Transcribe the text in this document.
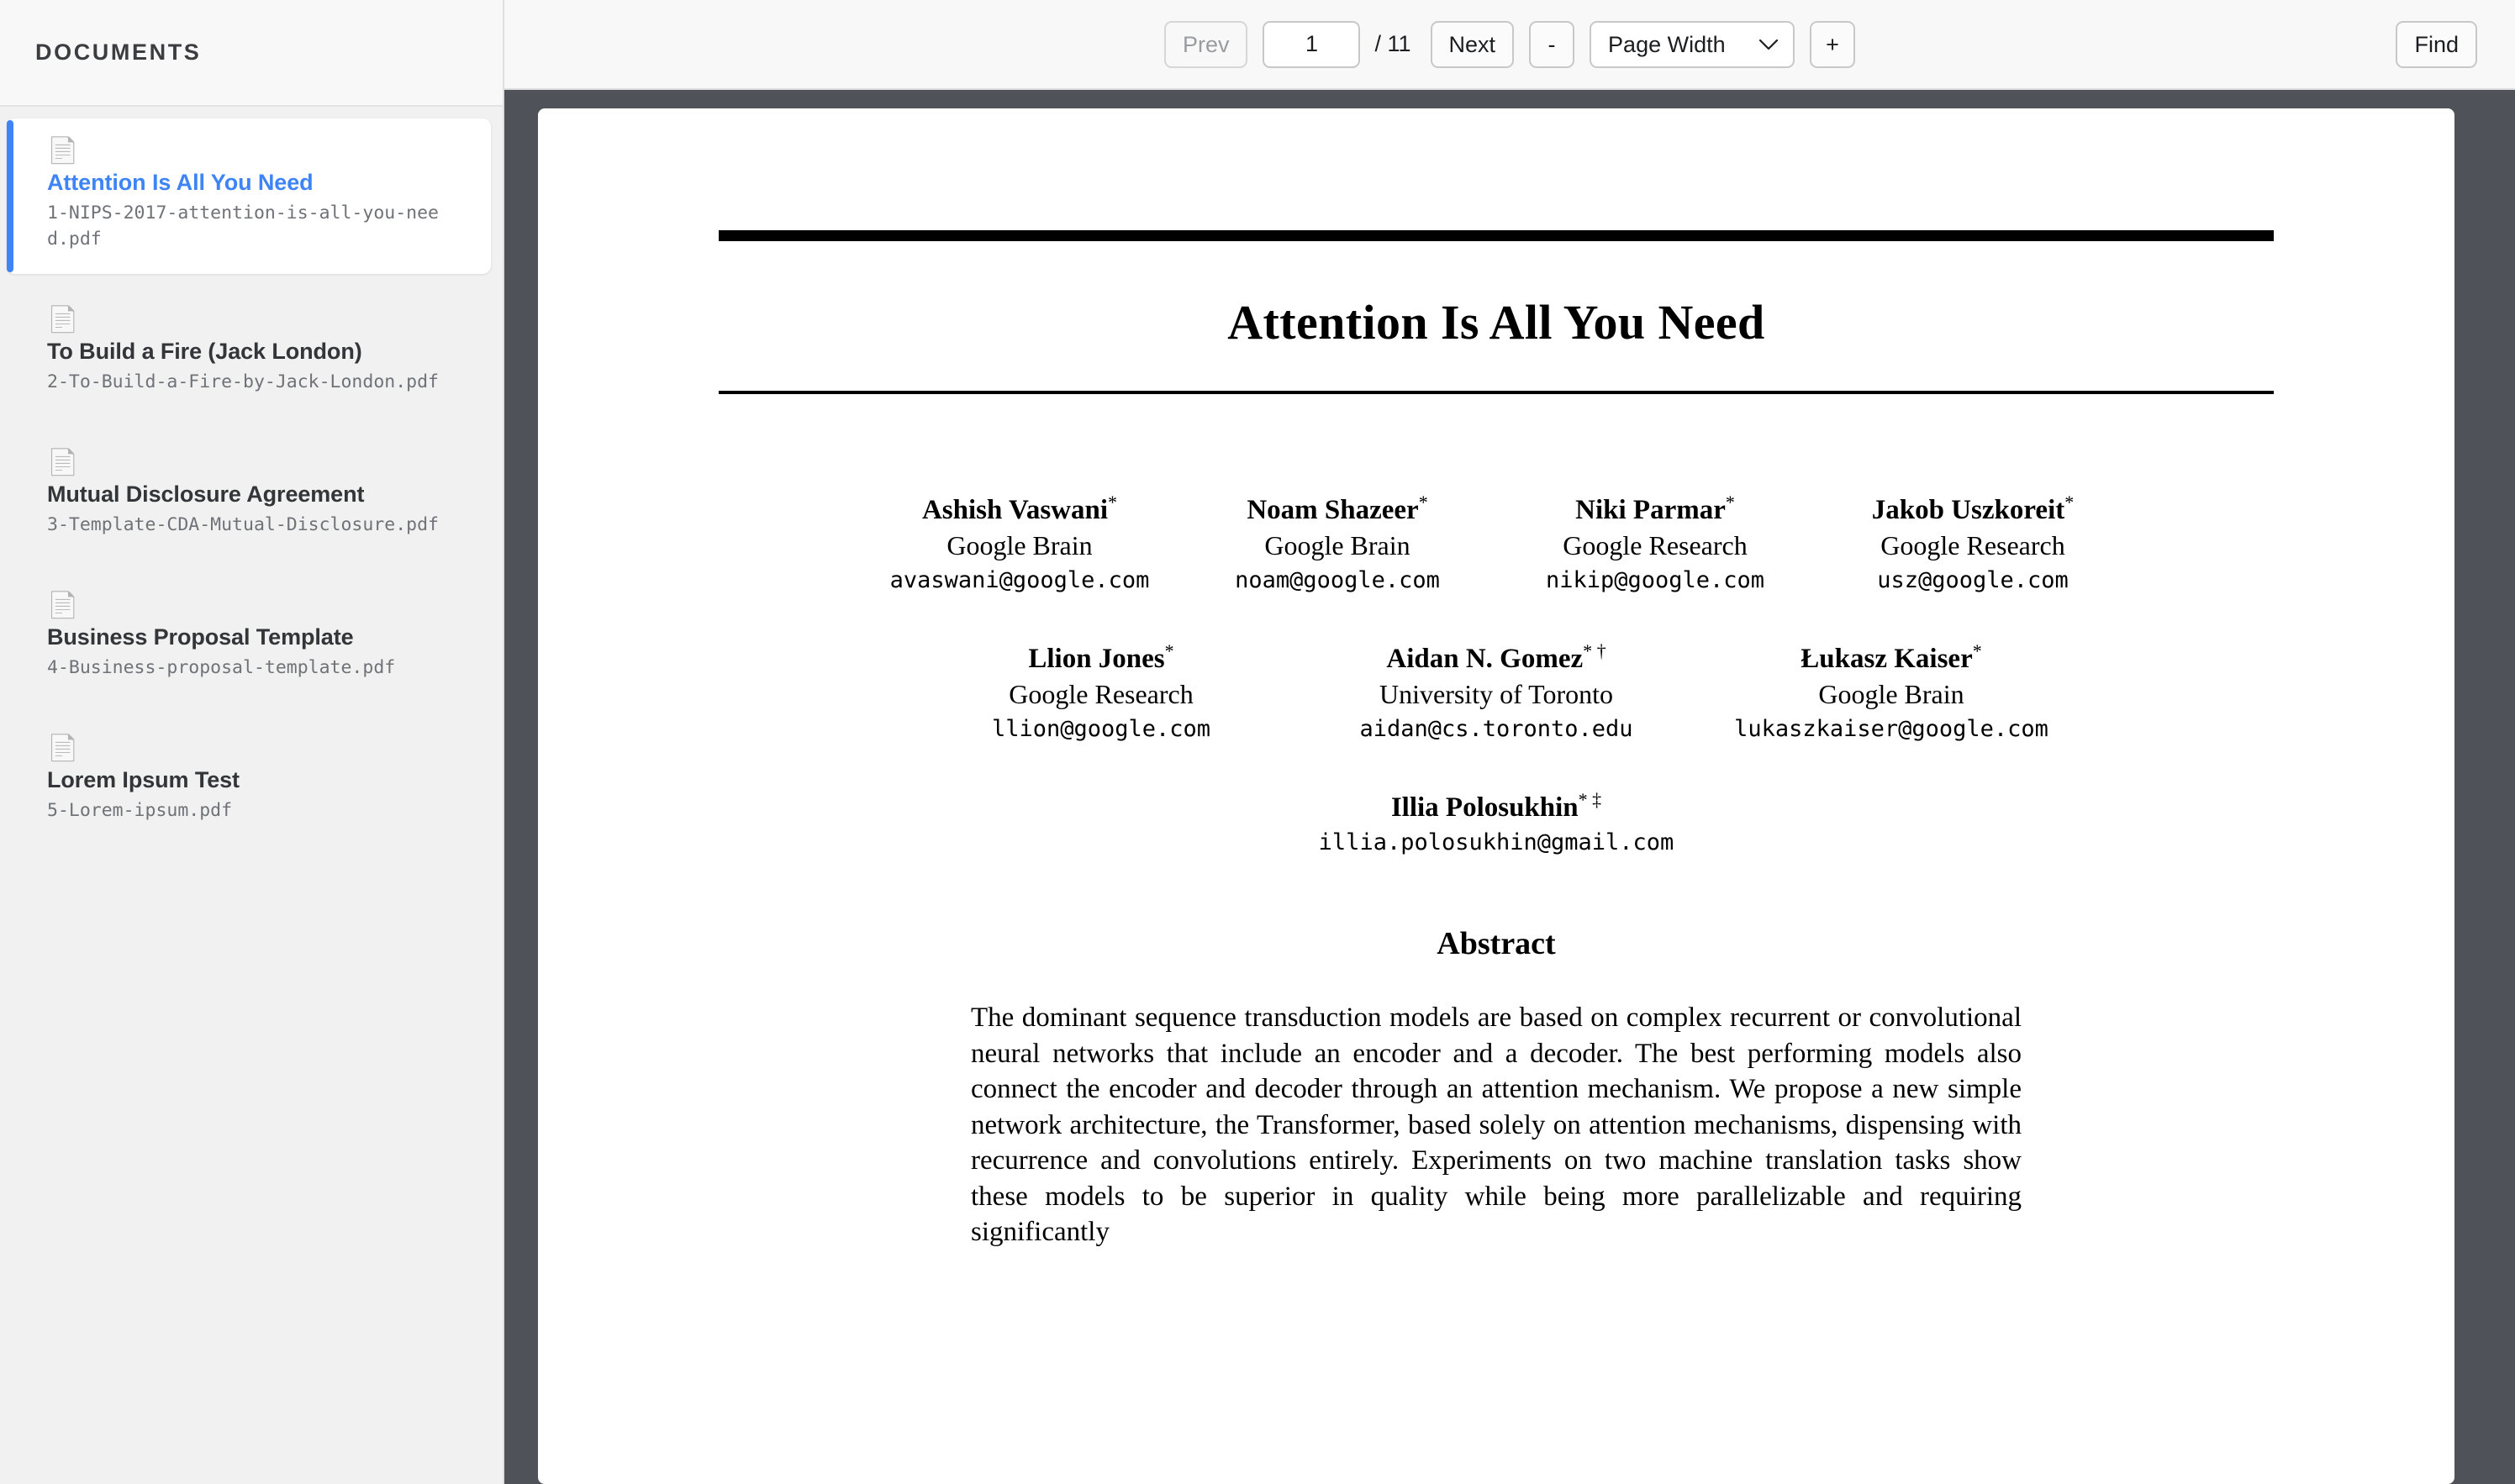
DOCUMENTS
📄
Attention Is All You Need
1-NIPS-2017-attention-is-all-you-need.pdf
📄
To Build a Fire (Jack London)
2-To-Build-a-Fire-by-Jack-London.pdf
📄
Mutual Disclosure Agreement
3-Template-CDA-Mutual-Disclosure.pdf
📄
Business Proposal Template
4-Business-proposal-template.pdf
📄
Lorem Ipsum Test
5-Lorem-ipsum.pdf
Prev
1	/ 11	Next	-
Page Width	+	Find
Attention Is All You Need
Ashish Vaswani*
Google Brain
avaswani@google.com
Noam Shazeer*
Google Brain
noam@google.com
Niki Parmar*
Google Research
nikip@google.com
Jakob Uszkoreit*
Google Research
usz@google.com
Llion Jones*
Google Research
llion@google.com
Aidan N. Gomez* †
University of Toronto
aidan@cs.toronto.edu
Łukasz Kaiser*
Google Brain
lukaszkaiser@google.com
Illia Polosukhin* ‡
illia.polosukhin@gmail.com
Abstract

The dominant sequence transduction models are based on complex recurrent or convolutional neural networks that include an encoder and a decoder. The best performing models also connect the encoder and decoder through an attention mechanism. We propose a new simple network architecture, the Transformer, based solely on attention mechanisms, dispensing with recurrence and convolutions entirely. Experiments on two machine translation tasks show these models to be superior in quality while being more parallelizable and requiring significantly
